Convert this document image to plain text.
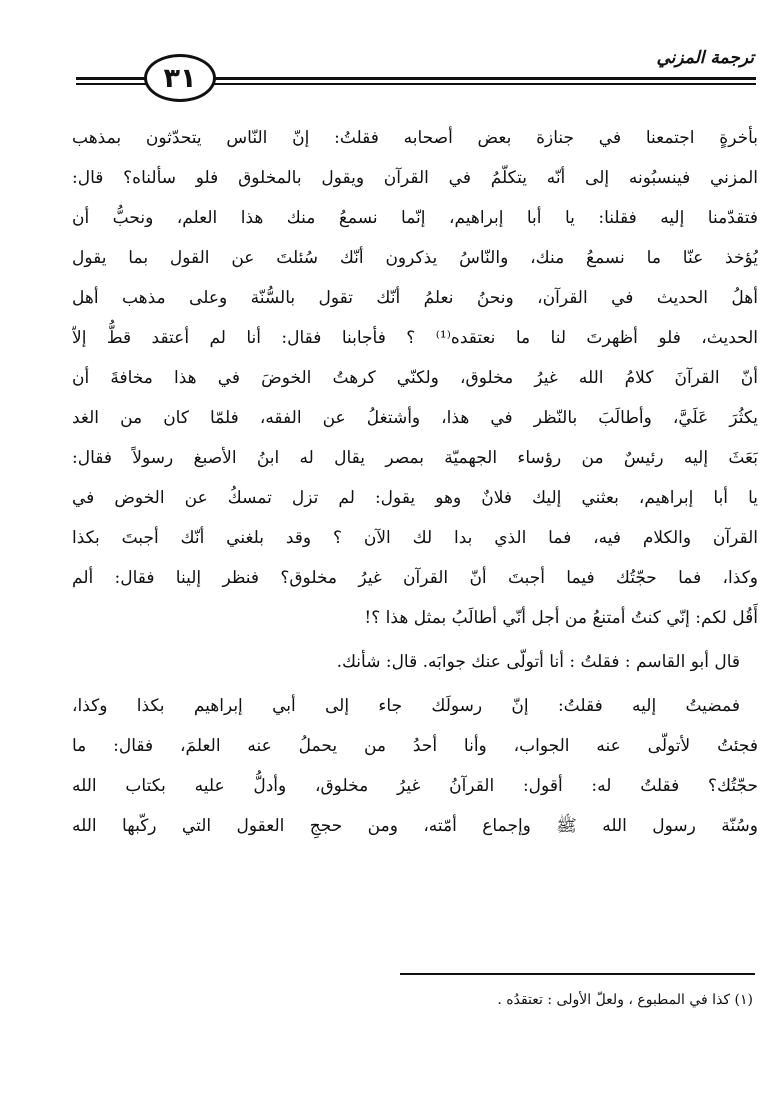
ترجمة المزني
٣١
بأخرةٍ اجتمعنا في جنازة بعض أصحابه فقلتُ: إنّ النّاس يتحدّثون بمذهب
المزني فينسبُونه إلى أنّه يتكلّمُ في القرآن ويقول بالمخلوق فلو سألناه؟ قال:
فتقدّمنا إليه فقلنا: يا أبا إبراهيم، إنّما نسمعُ منك هذا العلم، ونحبُّ أن
يُؤخذ عنّا ما نسمعُ منك، والنّاسُ يذكرون أنّك سُئلتَ عن القول بما يقول
أهلُ الحديث في القرآن، ونحنُ نعلمُ أنّك تقول بالسُّنّة وعلى مذهب أهل
الحديث، فلو أظهرتَ لنا ما نعتقده⁽¹⁾ ؟ فأجابنا فقال: أنا لم أعتقد قطُّ إلاّ
أنّ القرآنَ كلامُ الله غيرُ مخلوق، ولكنّي كرهتُ الخوضَ في هذا مخافةَ أن
يكثُرَ عَلَيَّ، وأطالَبَ بالنّظر في هذا، وأشتغلُ عن الفقه، فلمّا كان من الغد
بَعَثَ إليه رئيسٌ من رؤساء الجهميّة بمصر يقال له ابنُ الأصبغ رسولاً فقال:
يا أبا إبراهيم، بعثني إليك فلانٌ وهو يقول: لم تزل تمسكُ عن الخوض في
القرآن والكلام فيه، فما الذي بدا لك الآن ؟ وقد بلغني أنّك أجبتَ بكذا
وكذا، فما حجّتُك فيما أجبتَ أنّ القرآن غيرُ مخلوق؟ فنظر إلينا فقال: ألم
أَقُل لكم: إنّي كنتُ أمتنعُ من أجل أنّي أطالَبُ بمثل هذا ؟!
قال أبو القاسم : فقلتُ : أنا أتولّى عنك جوابَه. قال: شأنك.
فمضيتُ إليه فقلتُ: إنّ رسولَك جاء إلى أبي إبراهيم بكذا وكذا،
فجئتُ لأتولّى عنه الجواب، وأنا أحدُ من يحملُ عنه العلمَ، فقال: ما
حجّتُك؟ فقلتُ له: أقول: القرآنُ غيرُ مخلوق، وأدلُّ عليه بكتاب الله
وسُنّة رسول الله ﷺ وإجماع أمّته، ومن حججِ العقول التي ركّبها الله
(١) كذا في المطبوع ، ولعلّ الأولى : تعتقدُه .
